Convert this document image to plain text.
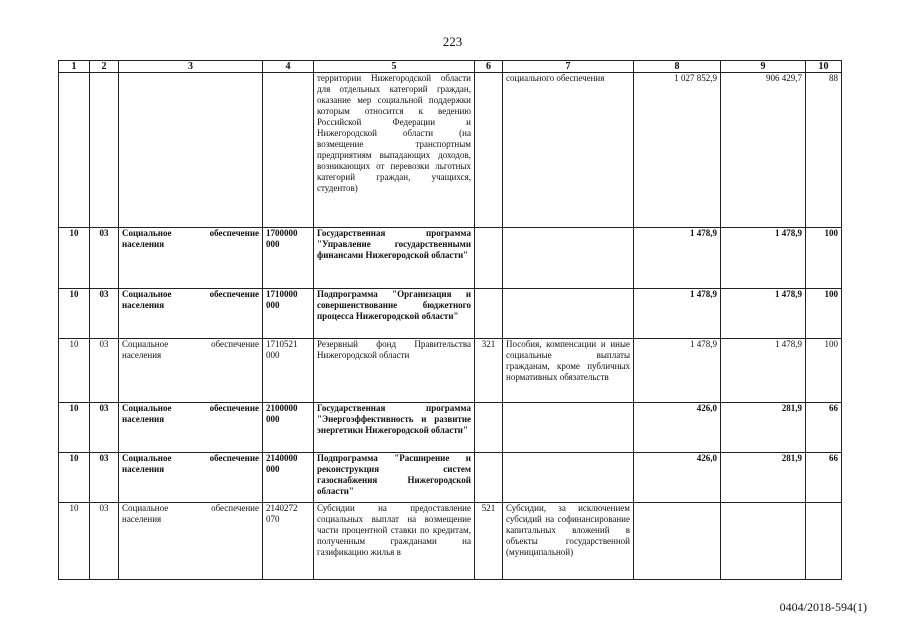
223
1	2	3	4	5	6	7	8	9	10
				территории Нижегородской области для отдельных категорий граждан, оказание мер социальной поддержки которым относится к ведению Российской Федерации и Нижегородской области (на возмещение транспортным предприятиям выпадающих доходов, возникающих от перевозки льготных категорий граждан, учащихся, студентов)		социального обеспечения	1 027 852,9	906 429,7	88
10	03	Социальное обеспечение населения	1700000 000	Государственная программа "Управление государственными финансами Нижегородской области"			1 478,9	1 478,9	100
10	03	Социальное обеспечение населения	1710000 000	Подпрограмма "Организация и совершенствование бюджетного процесса Нижегородской области"			1 478,9	1 478,9	100
10	03	Социальное обеспечение населения	1710521 000	Резервный фонд Правительства Нижегородской области	321	Пособия, компенсации и иные социальные выплаты гражданам, кроме публичных нормативных обязательств	1 478,9	1 478,9	100
10	03	Социальное обеспечение населения	2100000 000	Государственная программа "Энергоэффективность и развитие энергетики Нижегородской области"			426,0	281,9	66
10	03	Социальное обеспечение населения	2140000 000	Подпрограмма "Расширение и реконструкция систем газоснабжения Нижегородской области"			426,0	281,9	66
10	03	Социальное обеспечение населения	2140272 070	Субсидии на предоставление социальных выплат на возмещение части процентной ставки по кредитам, полученным гражданами на газификацию жилья в	521	Субсидии, за исключением субсидий на софинансирование капитальных вложений в объекты государственной (муниципальной)			
0404/2018-594(1)
